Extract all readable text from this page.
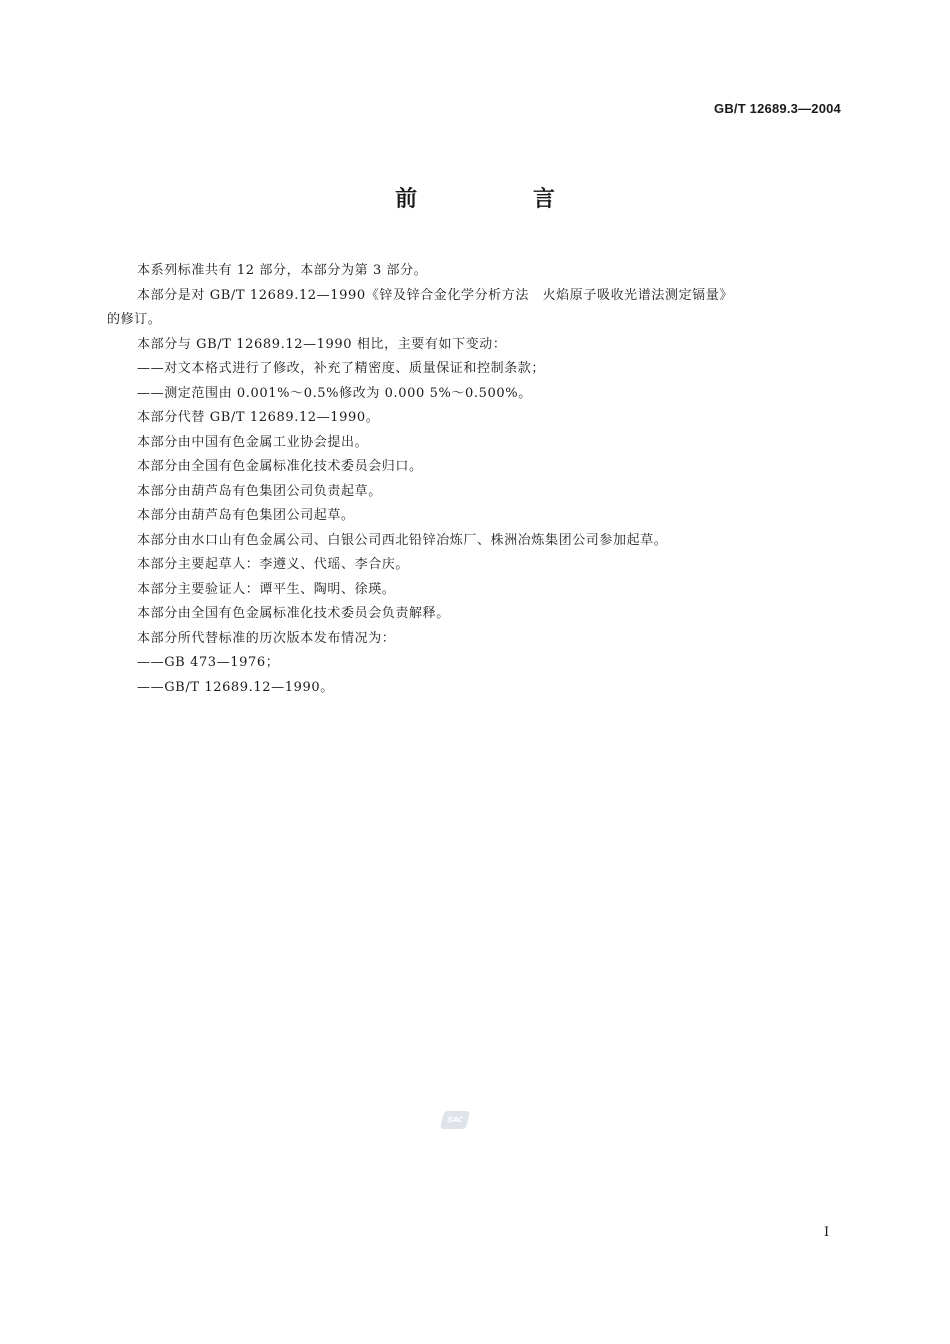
GB/T 12689.3—2004
前 言
本系列标准共有 12 部分，本部分为第 3 部分。
本部分是对 GB/T 12689.12—1990《锌及锌合金化学分析方法　火焰原子吸收光谱法测定镉量》
的修订。
本部分与 GB/T 12689.12—1990 相比，主要有如下变动：
——对文本格式进行了修改，补充了精密度、质量保证和控制条款；
——测定范围由 0.001%～0.5%修改为 0.000 5%～0.500%。
本部分代替 GB/T 12689.12—1990。
本部分由中国有色金属工业协会提出。
本部分由全国有色金属标准化技术委员会归口。
本部分由葫芦岛有色集团公司负责起草。
本部分由葫芦岛有色集团公司起草。
本部分由水口山有色金属公司、白银公司西北铅锌冶炼厂、株洲冶炼集团公司参加起草。
本部分主要起草人：李遵义、代瑶、李合庆。
本部分主要验证人：谭平生、陶明、徐瑛。
本部分由全国有色金属标准化技术委员会负责解释。
本部分所代替标准的历次版本发布情况为：
——GB 473—1976；
——GB/T 12689.12—1990。
SAC
I
